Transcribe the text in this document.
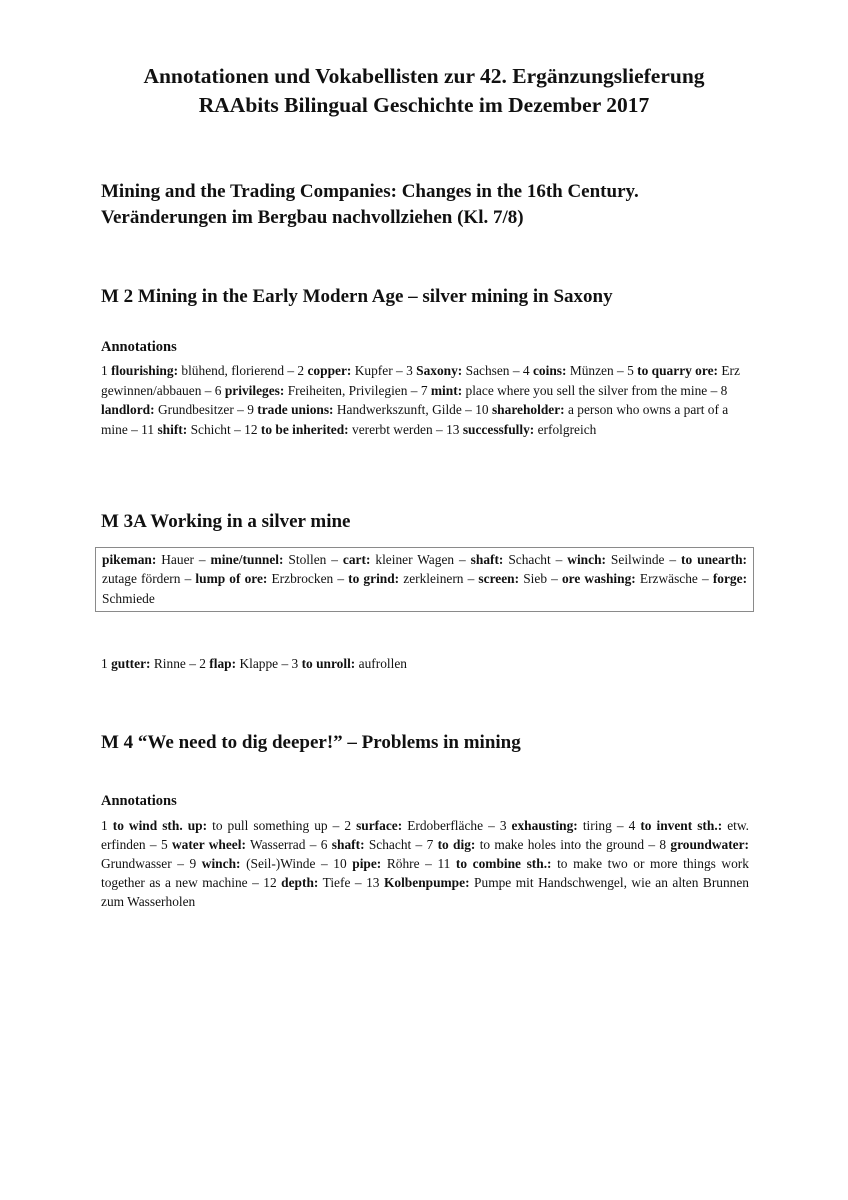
Annotationen und Vokabellisten zur 42. Ergänzungslieferung
RAAbits Bilingual Geschichte im Dezember 2017
Mining and the Trading Companies: Changes in the 16th Century.
Veränderungen im Bergbau nachvollziehen (Kl. 7/8)
M 2 Mining in the Early Modern Age – silver mining in Saxony
Annotations
1 flourishing: blühend, florierend – 2 copper: Kupfer – 3 Saxony: Sachsen – 4 coins: Münzen – 5 to quarry ore: Erz gewinnen/abbauen – 6 privileges: Freiheiten, Privilegien – 7 mint: place where you sell the silver from the mine – 8 landlord: Grundbesitzer – 9 trade unions: Handwerkszunft, Gilde – 10 shareholder: a person who owns a part of a mine – 11 shift: Schicht – 12 to be inherited: vererbt werden – 13 successfully: erfolgreich
M 3A Working in a silver mine
pikeman: Hauer – mine/tunnel: Stollen – cart: kleiner Wagen – shaft: Schacht – winch: Seilwinde – to unearth: zutage fördern – lump of ore: Erzbrocken – to grind: zerkleinern – screen: Sieb – ore washing: Erzwäsche – forge: Schmiede
1 gutter: Rinne – 2 flap: Klappe – 3 to unroll: aufrollen
M 4 “We need to dig deeper!” – Problems in mining
Annotations
1 to wind sth. up: to pull something up – 2 surface: Erdoberfläche – 3 exhausting: tiring – 4 to invent sth.: etw. erfinden – 5 water wheel: Wasserrad – 6 shaft: Schacht – 7 to dig: to make holes into the ground – 8 groundwater: Grundwasser – 9 winch: (Seil-)Winde – 10 pipe: Röhre – 11 to combine sth.: to make two or more things work together as a new machine – 12 depth: Tiefe – 13 Kolbenpumpe: Pumpe mit Handschwengel, wie an alten Brunnen zum Wasserholen
